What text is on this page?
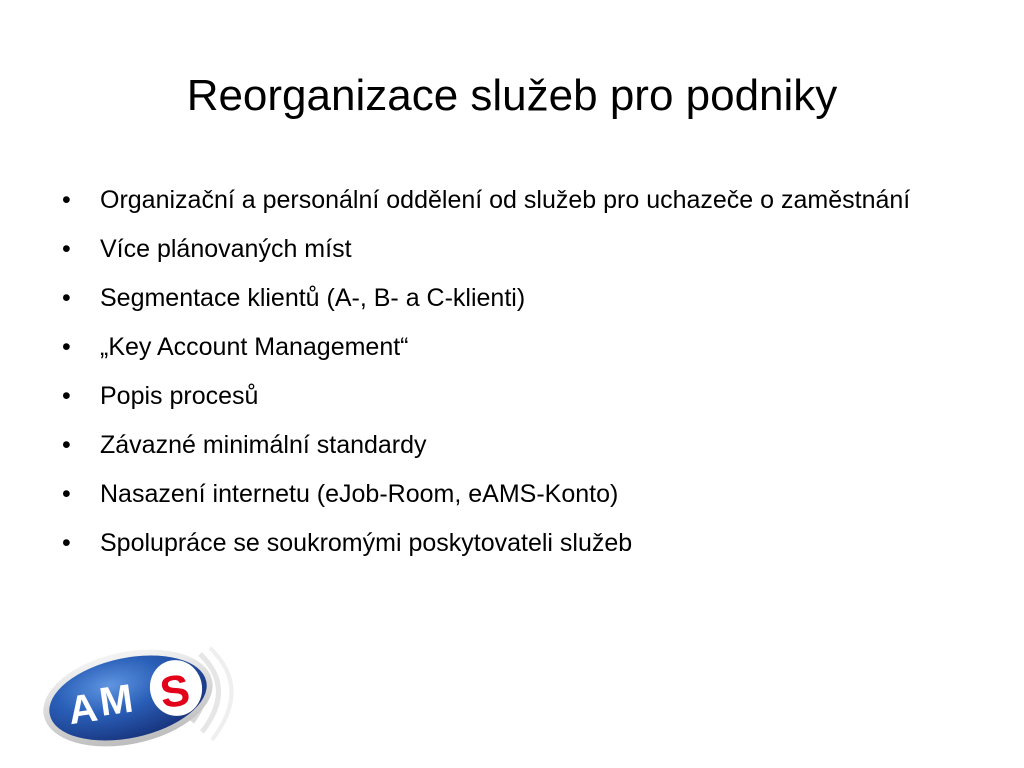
Reorganizace služeb pro podniky
•	Organizační a personální oddělení od služeb pro uchazeče o zaměstnání
•	Více plánovaných míst
•	Segmentace klientů (A-, B- a C-klienti)
•	„Key Account Management“
•	Popis procesů
•	Závazné minimální standardy
•	Nasazení internetu (eJob-Room, eAMS-Konto)
•	Spolupráce se soukromými poskytovateli služeb
A
M S
